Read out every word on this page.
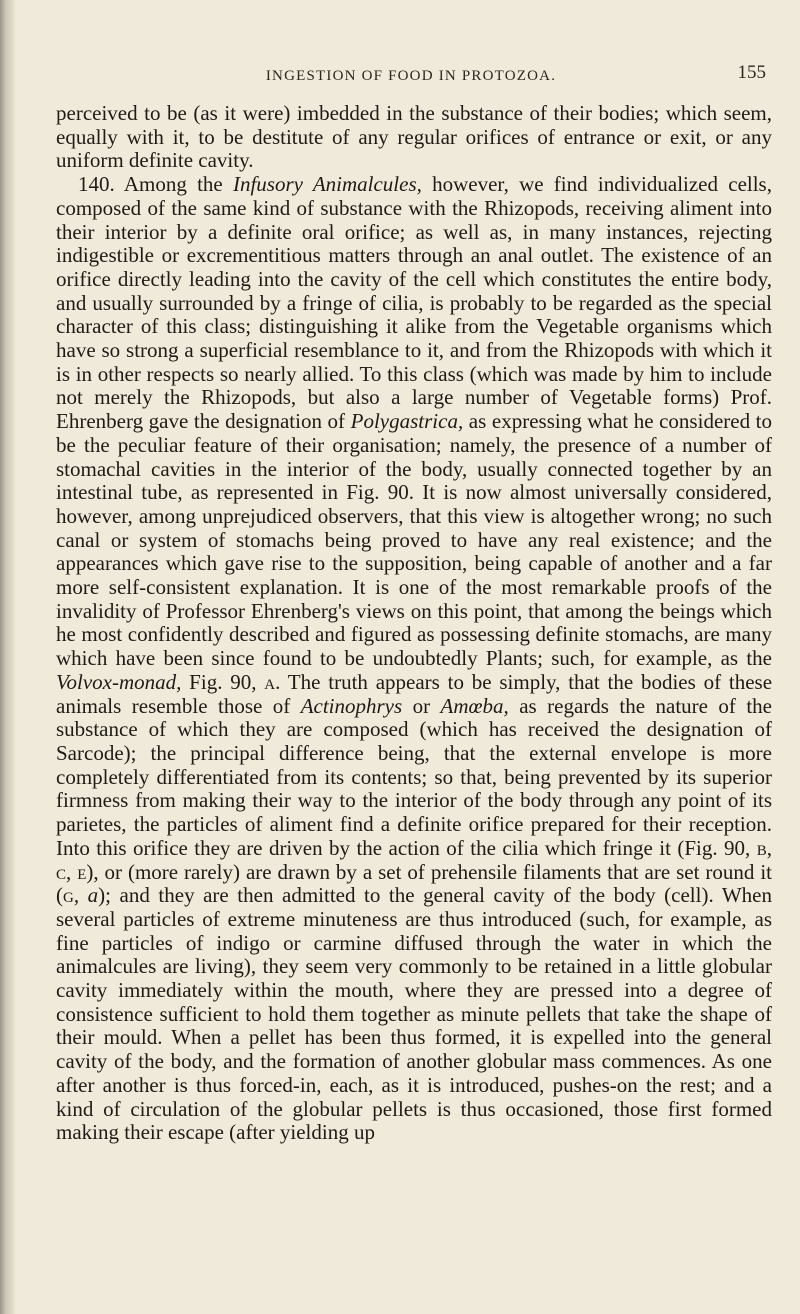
INGESTION OF FOOD IN PROTOZOA.	155

perceived to be (as it were) imbedded in the substance of their bodies; which seem, equally with it, to be destitute of any regular orifices of entrance or exit, or any uniform definite cavity.

140. Among the Infusory Animalcules, however, we find individualized cells, composed of the same kind of substance with the Rhizopods, receiving aliment into their interior by a definite oral orifice; as well as, in many instances, rejecting indigestible or excrementitious matters through an anal outlet. The existence of an orifice directly leading into the cavity of the cell which constitutes the entire body, and usually surrounded by a fringe of cilia, is probably to be regarded as the special character of this class; distinguishing it alike from the Vegetable organisms which have so strong a superficial resemblance to it, and from the Rhizopods with which it is in other respects so nearly allied. To this class (which was made by him to include not merely the Rhizopods, but also a large number of Vegetable forms) Prof. Ehrenberg gave the designation of Polygastrica, as expressing what he considered to be the peculiar feature of their organisation; namely, the presence of a number of stomachal cavities in the interior of the body, usually connected together by an intestinal tube, as represented in Fig. 90. It is now almost universally considered, however, among unprejudiced observers, that this view is altogether wrong; no such canal or system of stomachs being proved to have any real existence; and the appearances which gave rise to the supposition, being capable of another and a far more self-consistent explanation. It is one of the most remarkable proofs of the invalidity of Professor Ehrenberg's views on this point, that among the beings which he most confidently described and figured as possessing definite stomachs, are many which have been since found to be undoubtedly Plants; such, for example, as the Volvox-monad, Fig. 90, a. The truth appears to be simply, that the bodies of these animals resemble those of Actinophrys or Amœba, as regards the nature of the substance of which they are composed (which has received the designation of Sarcode); the principal difference being, that the external envelope is more completely differentiated from its contents; so that, being prevented by its superior firmness from making their way to the interior of the body through any point of its parietes, the particles of aliment find a definite orifice prepared for their reception. Into this orifice they are driven by the action of the cilia which fringe it (Fig. 90, b, c, e), or (more rarely) are drawn by a set of prehensile filaments that are set round it (g, a); and they are then admitted to the general cavity of the body (cell). When several particles of extreme minuteness are thus introduced (such, for example, as fine particles of indigo or carmine diffused through the water in which the animalcules are living), they seem very commonly to be retained in a little globular cavity immediately within the mouth, where they are pressed into a degree of consistence sufficient to hold them together as minute pellets that take the shape of their mould. When a pellet has been thus formed, it is expelled into the general cavity of the body, and the formation of another globular mass commences. As one after another is thus forced-in, each, as it is introduced, pushes-on the rest; and a kind of circulation of the globular pellets is thus occasioned, those first formed making their escape (after yielding up
